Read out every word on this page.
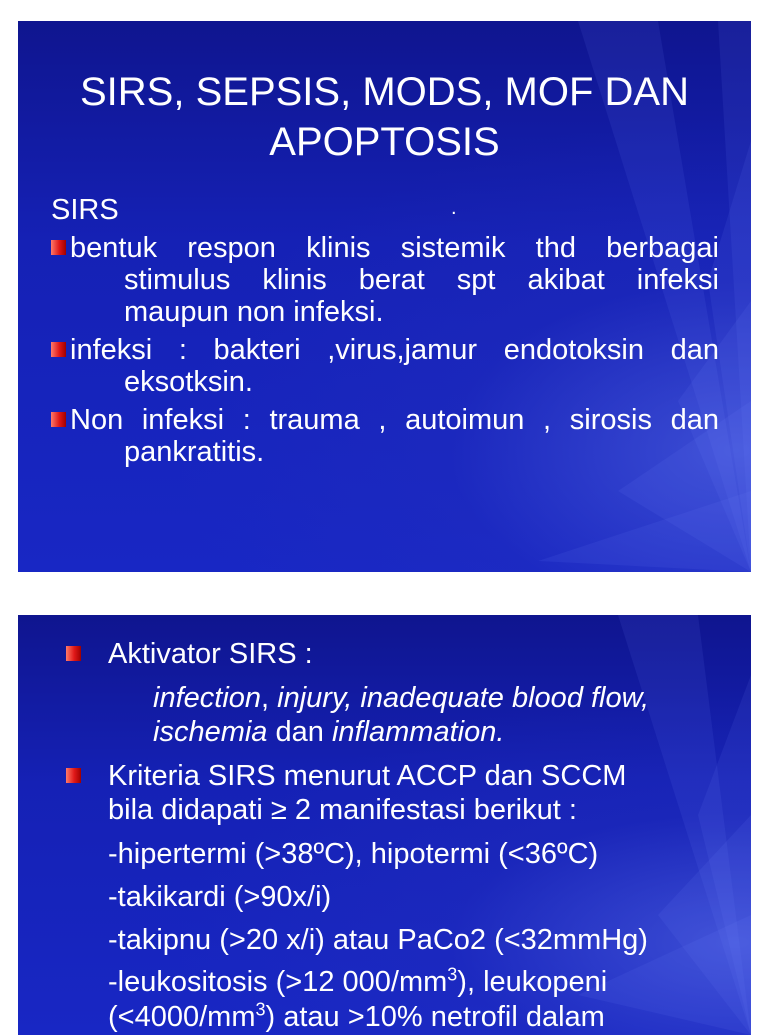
SIRS, SEPSIS, MODS, MOF DAN
APOPTOSIS
SIRS	.
bentuk respon klinis sistemik thd berbagai
stimulus klinis berat spt akibat infeksi
maupun non infeksi.
infeksi : bakteri ,virus,jamur endotoksin dan
eksotksin.
Non infeksi : trauma , autoimun , sirosis dan
pankratitis.
Aktivator SIRS :
infection, injury, inadequate blood flow,
ischemia dan inflammation.
Kriteria SIRS menurut ACCP dan SCCM
bila didapati ≥ 2 manifestasi berikut :
-hipertermi (>38ºC), hipotermi (<36ºC)
-takikardi (>90x/i)
-takipnu (>20 x/i) atau PaCo2 (<32mmHg)
-leukositosis (>12 $000/mm^3$), leukopeni
$(<4000/mm^3)$ atau >10% netrofil dalam
